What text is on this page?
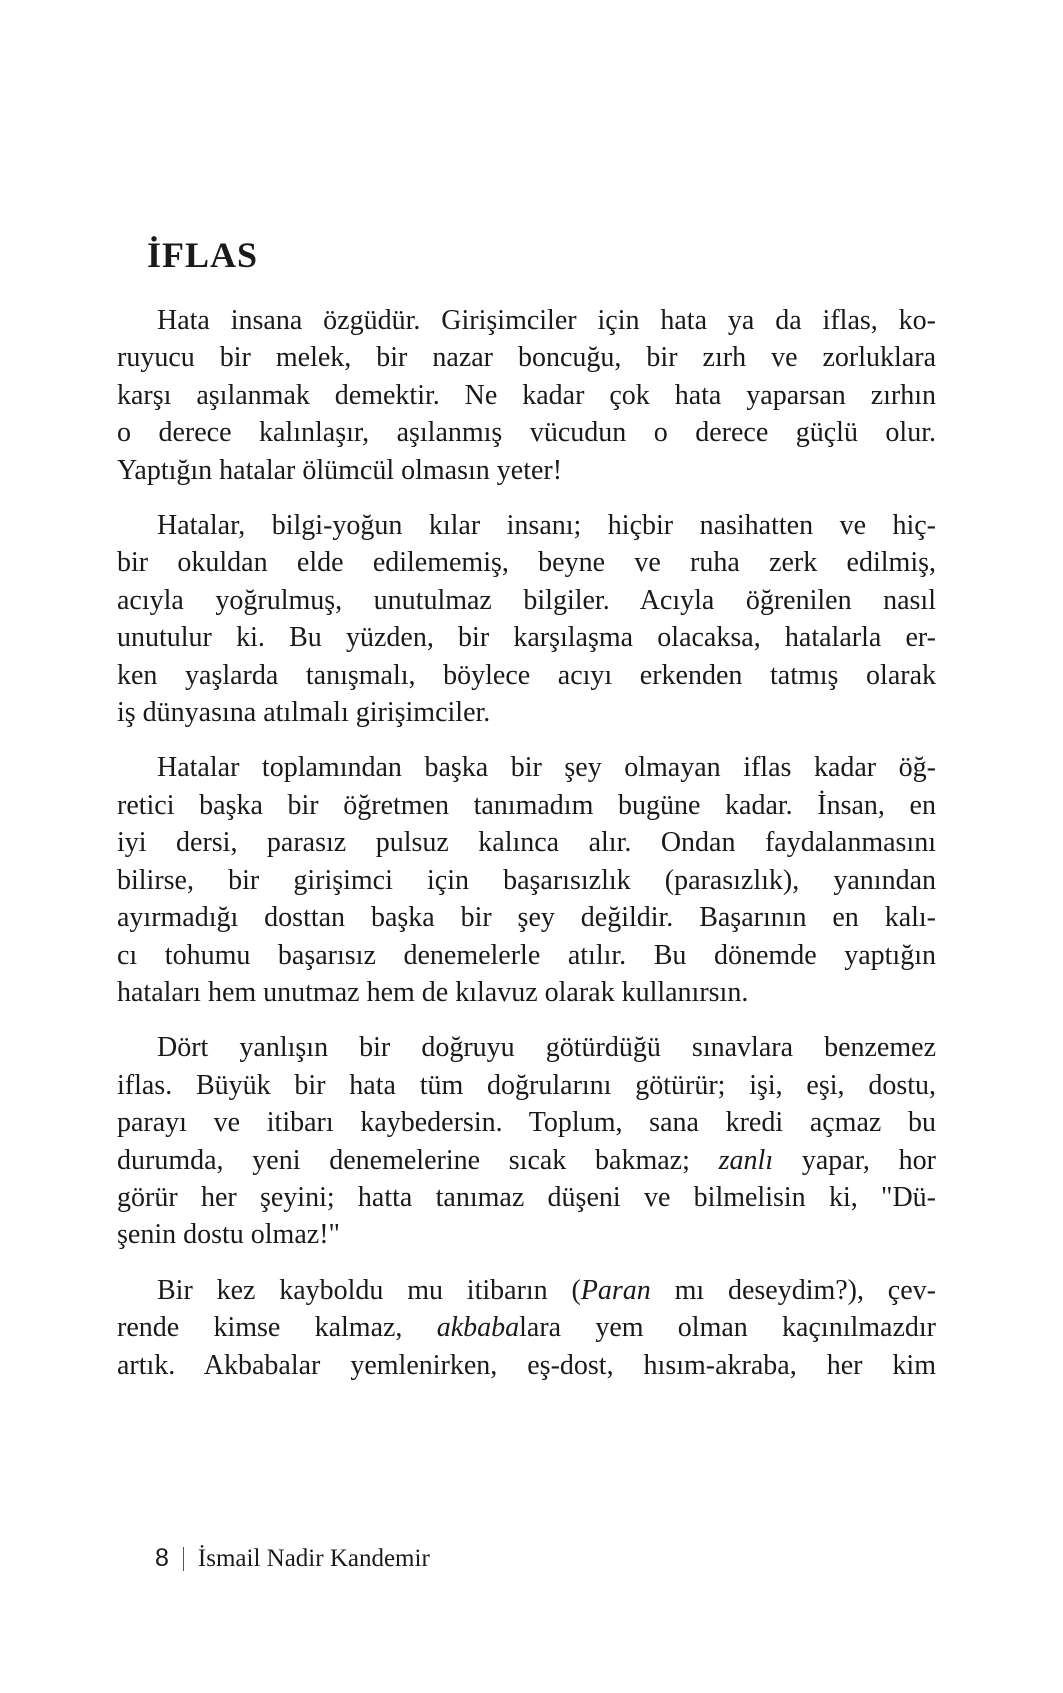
İFLAS

Hata insana özgüdür. Girişimciler için hata ya da iflas, ko-
ruyucu bir melek, bir nazar boncuğu, bir zırh ve zorluklara
karşı aşılanmak demektir. Ne kadar çok hata yaparsan zırhın
o derece kalınlaşır, aşılanmış vücudun o derece güçlü olur.
Yaptığın hatalar ölümcül olmasın yeter!

Hatalar, bilgi-yoğun kılar insanı; hiçbir nasihatten ve hiç-
bir okuldan elde edilememiş, beyne ve ruha zerk edilmiş,
acıyla yoğrulmuş, unutulmaz bilgiler. Acıyla öğrenilen nasıl
unutulur ki. Bu yüzden, bir karşılaşma olacaksa, hatalarla er-
ken yaşlarda tanışmalı, böylece acıyı erkenden tatmış olarak
iş dünyasına atılmalı girişimciler.

Hatalar toplamından başka bir şey olmayan iflas kadar öğ-
retici başka bir öğretmen tanımadım bugüne kadar. İnsan, en
iyi dersi, parasız pulsuz kalınca alır. Ondan faydalanmasını
bilirse, bir girişimci için başarısızlık (parasızlık), yanından
ayırmadığı dosttan başka bir şey değildir. Başarının en kalı-
cı tohumu başarısız denemelerle atılır. Bu dönemde yaptığın
hataları hem unutmaz hem de kılavuz olarak kullanırsın.

Dört yanlışın bir doğruyu götürdüğü sınavlara benzemez
iflas. Büyük bir hata tüm doğrularını götürür; işi, eşi, dostu,
parayı ve itibarı kaybedersin. Toplum, sana kredi açmaz bu
durumda, yeni denemelerine sıcak bakmaz; zanlı yapar, hor
görür her şeyini; hatta tanımaz düşeni ve bilmelisin ki, "Dü-
şenin dostu olmaz!"

Bir kez kayboldu mu itibarın (Paran mı deseydim?), çev-
rende kimse kalmaz, akbabalara yem olman kaçınılmazdır
artık. Akbabalar yemlenirken, eş-dost, hısım-akraba, her kim

8 İsmail Nadir Kandemir
